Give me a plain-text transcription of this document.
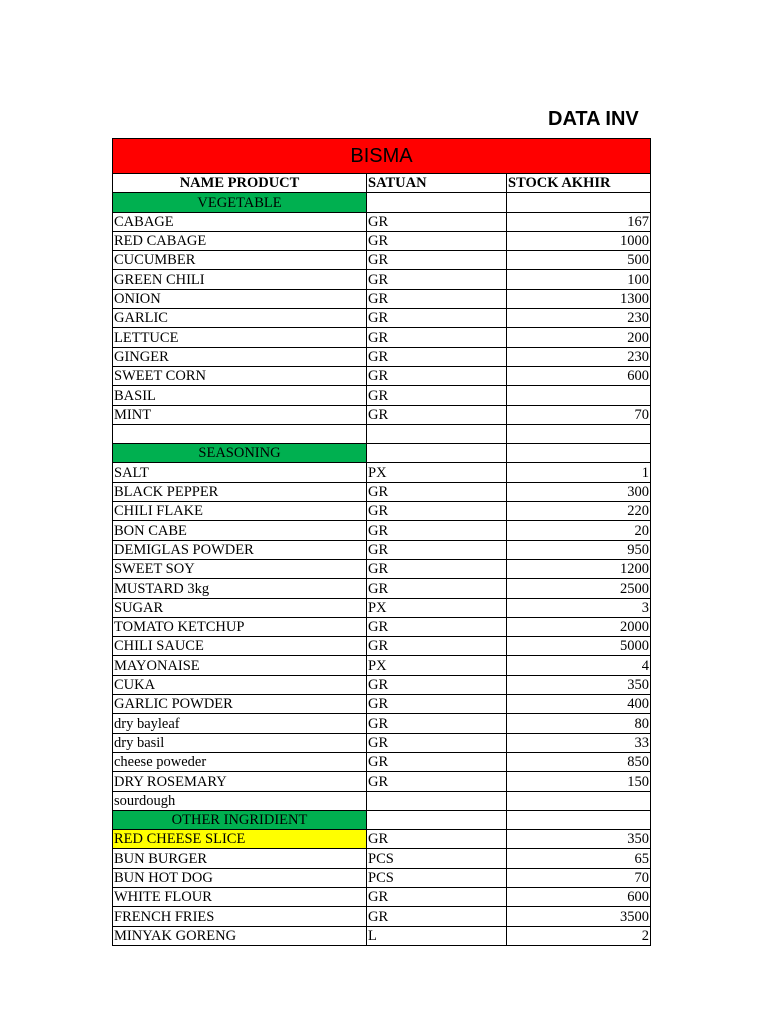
DATA INV
BISMA		
NAME PRODUCT	SATUAN	STOCK AKHIR
VEGETABLE		
CABAGE	GR	167
RED CABAGE	GR	1000
CUCUMBER	GR	500
GREEN CHILI	GR	100
ONION	GR	1300
GARLIC	GR	230
LETTUCE	GR	200
GINGER	GR	230
SWEET CORN	GR	600
BASIL	GR	
MINT	GR	70

SEASONING		
SALT	PX	1
BLACK PEPPER	GR	300
CHILI FLAKE	GR	220
BON CABE	GR	20
DEMIGLAS POWDER	GR	950
SWEET SOY	GR	1200
MUSTARD 3kg	GR	2500
SUGAR	PX	3
TOMATO KETCHUP	GR	2000
CHILI SAUCE	GR	5000
MAYONAISE	PX	4
CUKA	GR	350
GARLIC POWDER	GR	400
dry bayleaf	GR	80
dry basil	GR	33
cheese poweder	GR	850
DRY ROSEMARY	GR	150
sourdough		
OTHER INGRIDIENT		
RED CHEESE SLICE	GR	350
BUN BURGER	PCS	65
BUN HOT DOG	PCS	70
WHITE FLOUR	GR	600
FRENCH FRIES	GR	3500
MINYAK GORENG	L	2
